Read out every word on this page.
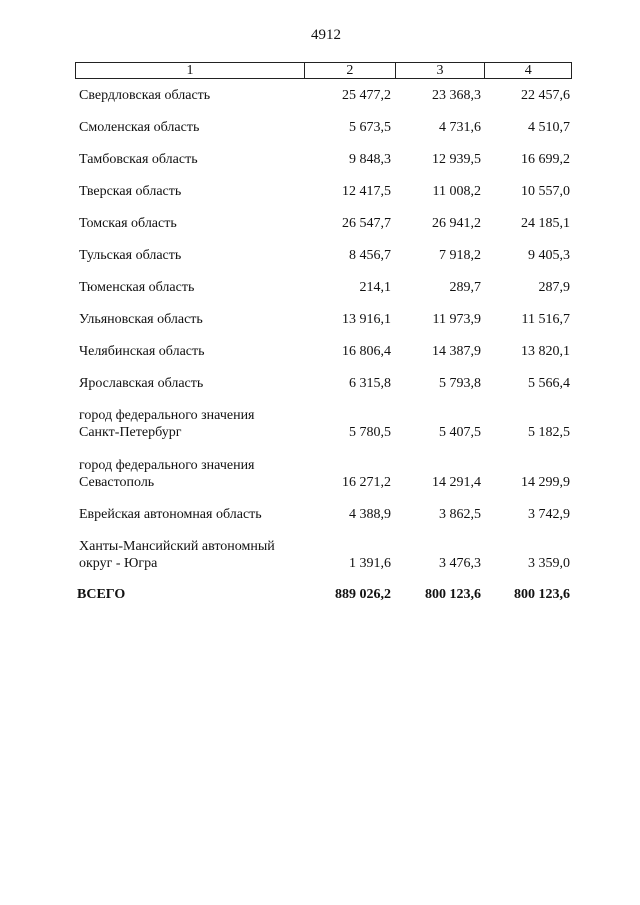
4912
1	2	3	4
Свердловская область	25 477,2	23 368,3	22 457,6
Смоленская область	5 673,5	4 731,6	4 510,7
Тамбовская область	9 848,3	12 939,5	16 699,2
Тверская область	12 417,5	11 008,2	10 557,0
Томская область	26 547,7	26 941,2	24 185,1
Тульская область	8 456,7	7 918,2	9 405,3
Тюменская область	214,1	289,7	287,9
Ульяновская область	13 916,1	11 973,9	11 516,7
Челябинская область	16 806,4	14 387,9	13 820,1
Ярославская область	6 315,8	5 793,8	5 566,4
город федерального значения
Санкт-Петербург	5 780,5	5 407,5	5 182,5
город федерального значения
Севастополь	16 271,2	14 291,4	14 299,9
Еврейская автономная область	4 388,9	3 862,5	3 742,9
Ханты-Мансийский автономный
округ - Югра	1 391,6	3 476,3	3 359,0
ВСЕГО	889 026,2	800 123,6	800 123,6
